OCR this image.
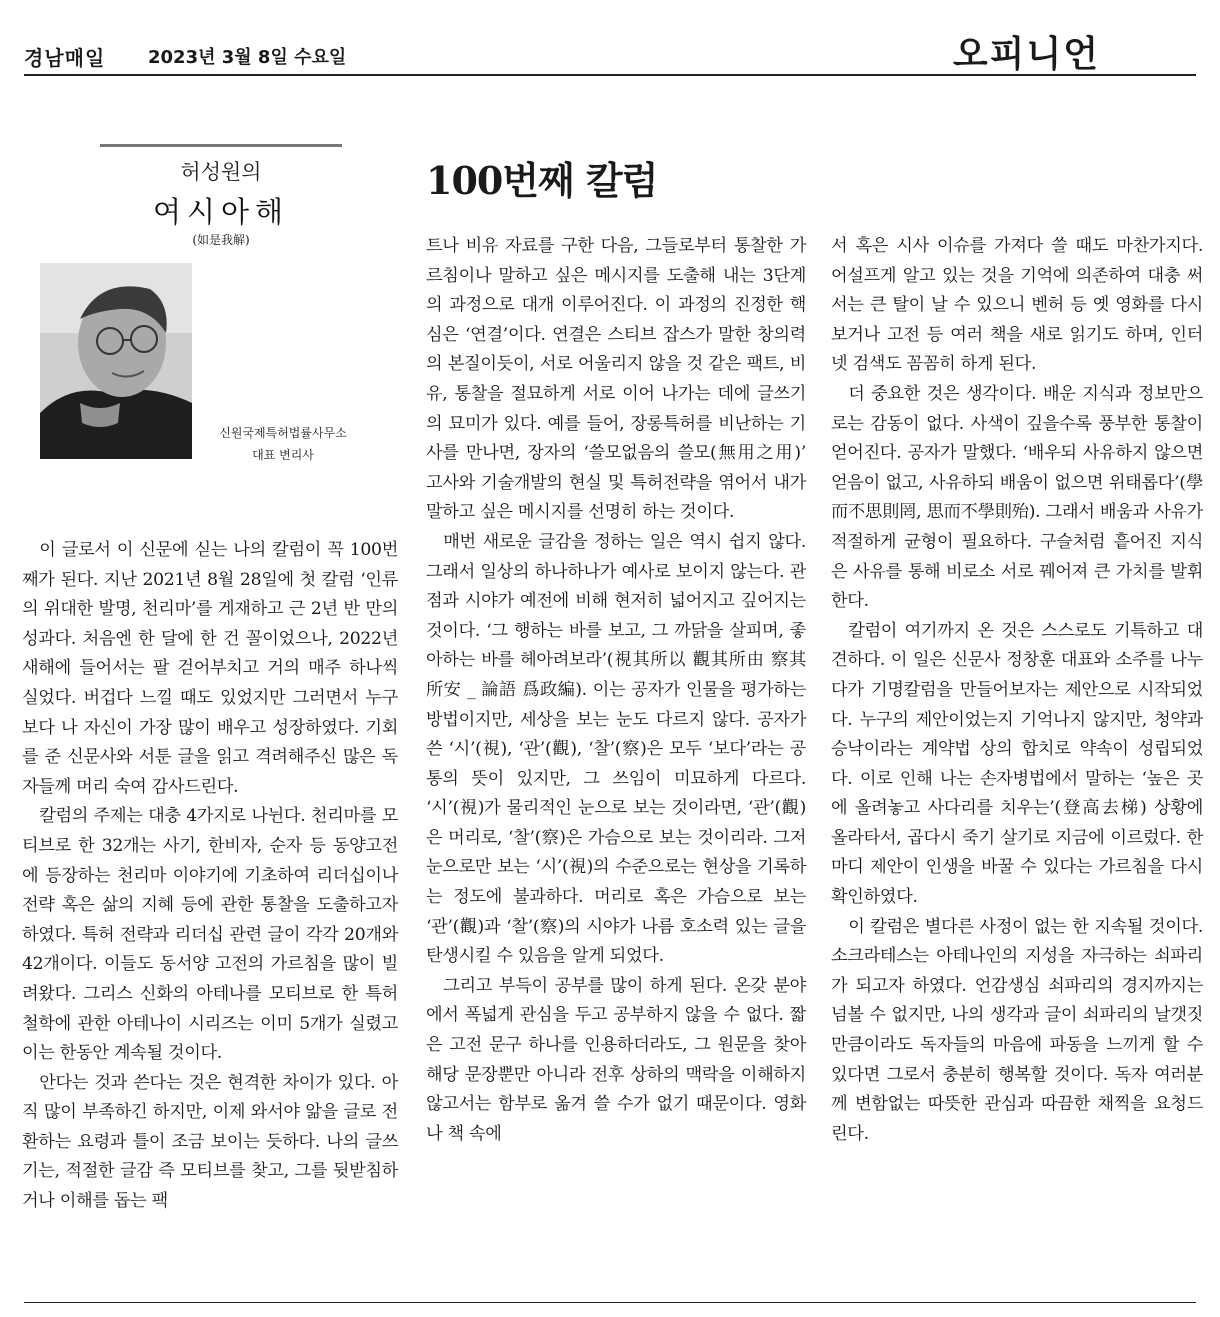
경남매일 2023년 3월 8일 수요일	오피니언
허성원의
여시아해
(如是我解)
신원국제특허법률사무소
대표 변리사
100번째 칼럼

이 글로서 이 신문에 싣는 나의 칼럼이 꼭 100번째가 된다. 지난 2021년 8월 28일에 첫 칼럼 ‘인류의 위대한 발명, 천리마’를 게재하고 근 2년 반 만의 성과다. 처음엔 한 달에 한 건 꼴이었으나, 2022년 새해에 들어서는 팔 걷어부치고 거의 매주 하나씩 실었다. 버겁다 느낄 때도 있었지만 그러면서 누구보다 나 자신이 가장 많이 배우고 성장하였다. 기회를 준 신문사와 서툰 글을 읽고 격려해주신 많은 독자들께 머리 숙여 감사드린다.

칼럼의 주제는 대충 4가지로 나뉜다. 천리마를 모티브로 한 32개는 사기, 한비자, 순자 등 동양고전에 등장하는 천리마 이야기에 기초하여 리더십이나 전략 혹은 삶의 지혜 등에 관한 통찰을 도출하고자 하였다. 특허 전략과 리더십 관련 글이 각각 20개와 42개이다. 이들도 동서양 고전의 가르침을 많이 빌려왔다. 그리스 신화의 아테나를 모티브로 한 특허철학에 관한 아테나이 시리즈는 이미 5개가 실렸고 이는 한동안 계속될 것이다.

안다는 것과 쓴다는 것은 현격한 차이가 있다. 아직 많이 부족하긴 하지만, 이제 와서야 앎을 글로 전환하는 요령과 틀이 조금 보이는 듯하다. 나의 글쓰기는, 적절한 글감 즉 모티브를 찾고, 그를 뒷받침하거나 이해를 돕는 팩

트나 비유 자료를 구한 다음, 그들로부터 통찰한 가르침이나 말하고 싶은 메시지를 도출해 내는 3단계의 과정으로 대개 이루어진다. 이 과정의 진정한 핵심은 ‘연결’이다. 연결은 스티브 잡스가 말한 창의력의 본질이듯이, 서로 어울리지 않을 것 같은 팩트, 비유, 통찰을 절묘하게 서로 이어 나가는 데에 글쓰기의 묘미가 있다. 예를 들어, 장롱특허를 비난하는 기사를 만나면, 장자의 ‘쓸모없음의 쓸모(無用之用)’ 고사와 기술개발의 현실 및 특허전략을 엮어서 내가 말하고 싶은 메시지를 선명히 하는 것이다.

매번 새로운 글감을 정하는 일은 역시 쉽지 않다. 그래서 일상의 하나하나가 예사로 보이지 않는다. 관점과 시야가 예전에 비해 현저히 넓어지고 깊어지는 것이다. ‘그 행하는 바를 보고, 그 까닭을 살피며, 좋아하는 바를 헤아려보라’(視其所以 觀其所由 察其所安 _ 論語 爲政編). 이는 공자가 인물을 평가하는 방법이지만, 세상을 보는 눈도 다르지 않다. 공자가 쓴 ‘시’(視), ‘관’(觀), ‘찰’(察)은 모두 ‘보다’라는 공통의 뜻이 있지만, 그 쓰임이 미묘하게 다르다. ‘시’(視)가 물리적인 눈으로 보는 것이라면, ‘관’(觀)은 머리로, ‘찰’(察)은 가슴으로 보는 것이리라. 그저 눈으로만 보는 ‘시’(視)의 수준으로는 현상을 기록하는 정도에 불과하다. 머리로 혹은 가슴으로 보는 ‘관’(觀)과 ‘찰’(察)의 시야가 나름 호소력 있는 글을 탄생시킬 수 있음을 알게 되었다.

그리고 부득이 공부를 많이 하게 된다. 온갖 분야에서 폭넓게 관심을 두고 공부하지 않을 수 없다. 짧은 고전 문구 하나를 인용하더라도, 그 원문을 찾아 해당 문장뿐만 아니라 전후 상하의 맥락을 이해하지 않고서는 함부로 옮겨 쓸 수가 없기 때문이다. 영화나 책 속에

서 혹은 시사 이슈를 가져다 쓸 때도 마찬가지다. 어설프게 알고 있는 것을 기억에 의존하여 대충 써서는 큰 탈이 날 수 있으니 벤허 등 옛 영화를 다시 보거나 고전 등 여러 책을 새로 읽기도 하며, 인터넷 검색도 꼼꼼히 하게 된다.

더 중요한 것은 생각이다. 배운 지식과 정보만으로는 감동이 없다. 사색이 깊을수록 풍부한 통찰이 얻어진다. 공자가 말했다. ‘배우되 사유하지 않으면 얻음이 없고, 사유하되 배움이 없으면 위태롭다’(學而不思則罔, 思而不學則殆). 그래서 배움과 사유가 적절하게 균형이 필요하다. 구슬처럼 흩어진 지식은 사유를 통해 비로소 서로 꿰어져 큰 가치를 발휘한다.

칼럼이 여기까지 온 것은 스스로도 기특하고 대견하다. 이 일은 신문사 정창훈 대표와 소주를 나누다가 기명칼럼을 만들어보자는 제안으로 시작되었다. 누구의 제안이었는지 기억나지 않지만, 청약과 승낙이라는 계약법 상의 합치로 약속이 성립되었다. 이로 인해 나는 손자병법에서 말하는 ‘높은 곳에 올려놓고 사다리를 치우는’(登高去梯) 상황에 올라타서, 곱다시 죽기 살기로 지금에 이르렀다. 한 마디 제안이 인생을 바꿀 수 있다는 가르침을 다시 확인하였다.

이 칼럼은 별다른 사정이 없는 한 지속될 것이다. 소크라테스는 아테나인의 지성을 자극하는 쇠파리가 되고자 하였다. 언감생심 쇠파리의 경지까지는 넘볼 수 없지만, 나의 생각과 글이 쇠파리의 날갯짓만큼이라도 독자들의 마음에 파동을 느끼게 할 수 있다면 그로서 충분히 행복할 것이다. 독자 여러분께 변함없는 따뜻한 관심과 따끔한 채찍을 요청드린다.
